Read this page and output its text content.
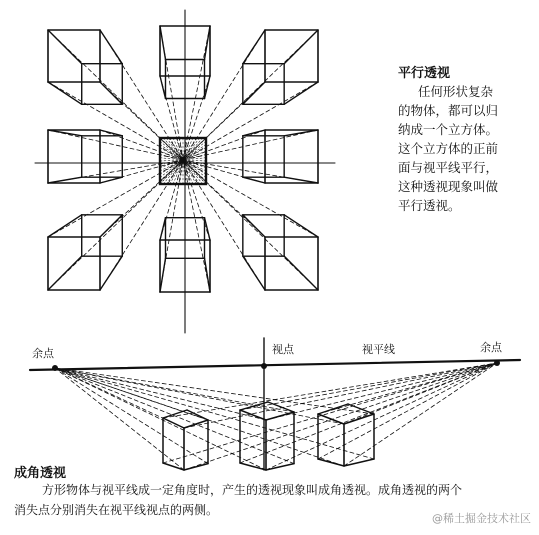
平行透视
任何形状复杂
的物体，都可以归
纳成一个立方体。
这个立方体的正前
面与视平线平行，
这种透视现象叫做
平行透视。
余点	视点	视平线	余点
成角透视
方形物体与视平线成一定角度时，产生的透视现象叫成角透视。成角透视的两个
消失点分别消失在视平线视点的两侧。
@稀土掘金技术社区
